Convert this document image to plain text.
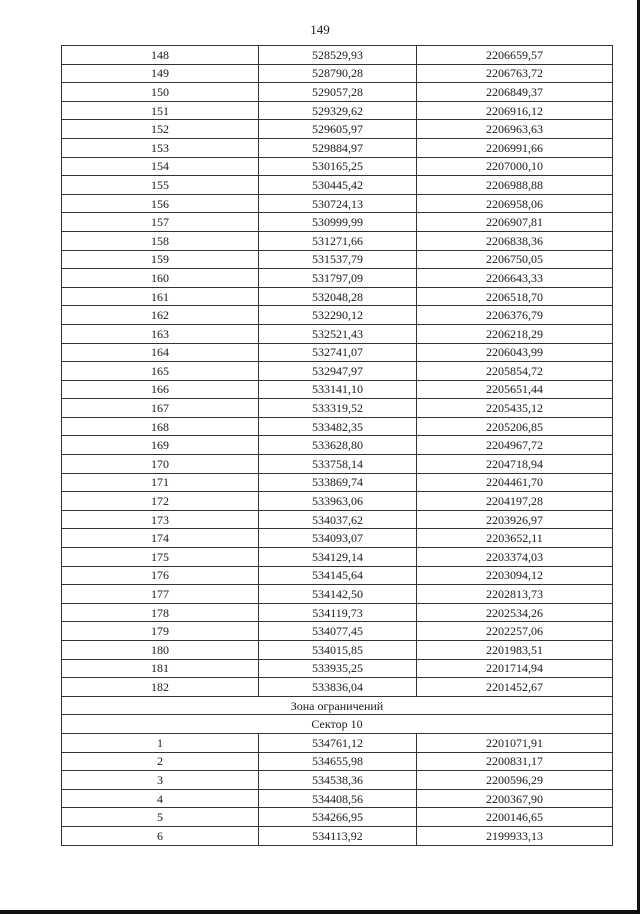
149
148	528529,93	2206659,57
149	528790,28	2206763,72
150	529057,28	2206849,37
151	529329,62	2206916,12
152	529605,97	2206963,63
153	529884,97	2206991,66
154	530165,25	2207000,10
155	530445,42	2206988,88
156	530724,13	2206958,06
157	530999,99	2206907,81
158	531271,66	2206838,36
159	531537,79	2206750,05
160	531797,09	2206643,33
161	532048,28	2206518,70
162	532290,12	2206376,79
163	532521,43	2206218,29
164	532741,07	2206043,99
165	532947,97	2205854,72
166	533141,10	2205651,44
167	533319,52	2205435,12
168	533482,35	2205206,85
169	533628,80	2204967,72
170	533758,14	2204718,94
171	533869,74	2204461,70
172	533963,06	2204197,28
173	534037,62	2203926,97
174	534093,07	2203652,11
175	534129,14	2203374,03
176	534145,64	2203094,12
177	534142,50	2202813,73
178	534119,73	2202534,26
179	534077,45	2202257,06
180	534015,85	2201983,51
181	533935,25	2201714,94
182	533836,04	2201452,67
Зона ограничений		
Сектор 10		
1	534761,12	2201071,91
2	534655,98	2200831,17
3	534538,36	2200596,29
4	534408,56	2200367,90
5	534266,95	2200146,65
6	534113,92	2199933,13
